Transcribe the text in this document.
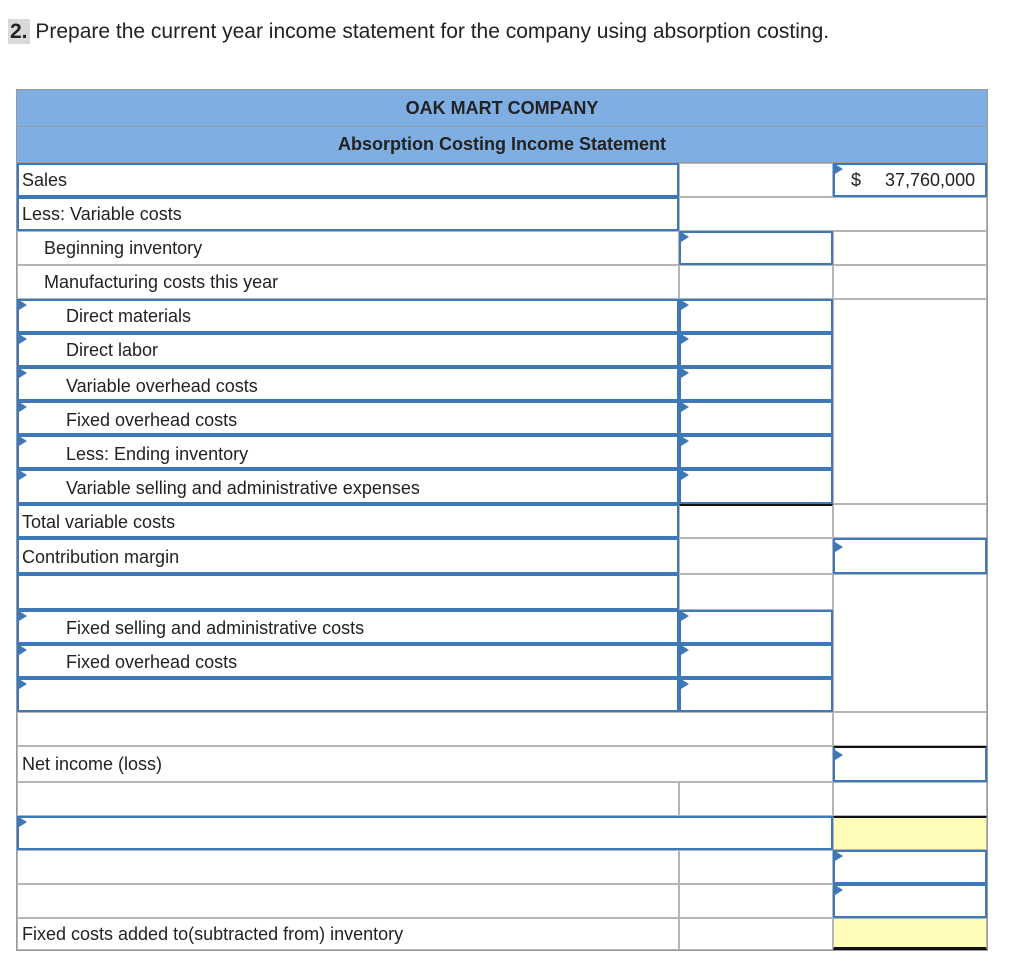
2. Prepare the current year income statement for the company using absorption costing.
OAK MART COMPANY
Absorption Costing Income Statement
Sales	$ 37,760,000
Less: Variable costs
Beginning inventory
Manufacturing costs this year
Direct materials
Direct labor
Variable overhead costs
Fixed overhead costs
Less: Ending inventory
Variable selling and administrative expenses
Total variable costs
Contribution margin
Fixed selling and administrative costs
Fixed overhead costs
Net income (loss)
Fixed costs added to(subtracted from) inventory
